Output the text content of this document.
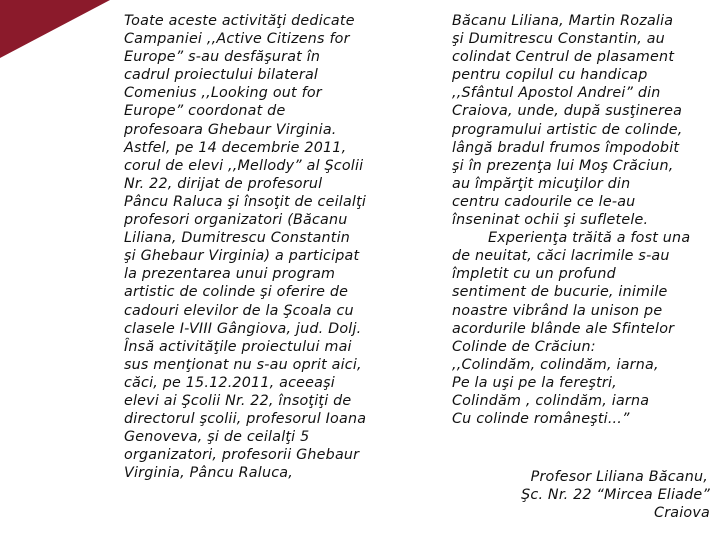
Toate aceste activităţi dedicate
Campaniei ,,Active Citizens for
Europe” s-au desfăşurat în
cadrul proiectului bilateral
Comenius ,,Looking out for
Europe” coordonat de
profesoara Ghebaur Virginia.
Astfel, pe 14 decembrie 2011,
corul de elevi ,,Mellody” al Şcolii
Nr. 22, dirijat de profesorul
Pâncu Raluca şi însoţit de ceilalţi
profesori organizatori (Băcanu
Liliana, Dumitrescu Constantin
şi Ghebaur Virginia) a participat
la prezentarea unui program
artistic de colinde şi oferire de
cadouri elevilor de la Şcoala cu
clasele I-VIII Gângiova, jud. Dolj.
Însă activităţile proiectului mai
sus menţionat nu s-au oprit aici,
căci, pe 15.12.2011, aceeaşi
elevi ai Şcolii Nr. 22, însoţiţi de
directorul şcolii, profesorul Ioana
Genoveva, şi de ceilalţi 5
organizatori, profesorii Ghebaur
Virginia, Pâncu Raluca,
Băcanu Liliana, Martin Rozalia
şi Dumitrescu Constantin, au
colindat Centrul de plasament
pentru copilul cu handicap
,,Sfântul Apostol Andrei” din
Craiova, unde, după susţinerea
programului artistic de colinde,
lângă bradul frumos împodobit
şi în prezenţa lui Moş Crăciun,
au împărţit micuţilor din
centru cadourile ce le-au
înseninat ochii şi sufletele.
Experienţa trăită a fost una
de neuitat, căci lacrimile s-au
împletit cu un profund
sentiment de bucurie, inimile
noastre vibrând la unison pe
acordurile blânde ale Sfintelor
Colinde de Crăciun:
,,Colindăm, colindăm, iarna,
Pe la uşi pe la fereştri,
Colindăm , colindăm, iarna
Cu colinde româneşti...”
Profesor Liliana Băcanu,
Şc. Nr. 22 “Mircea Eliade”
Craiova
